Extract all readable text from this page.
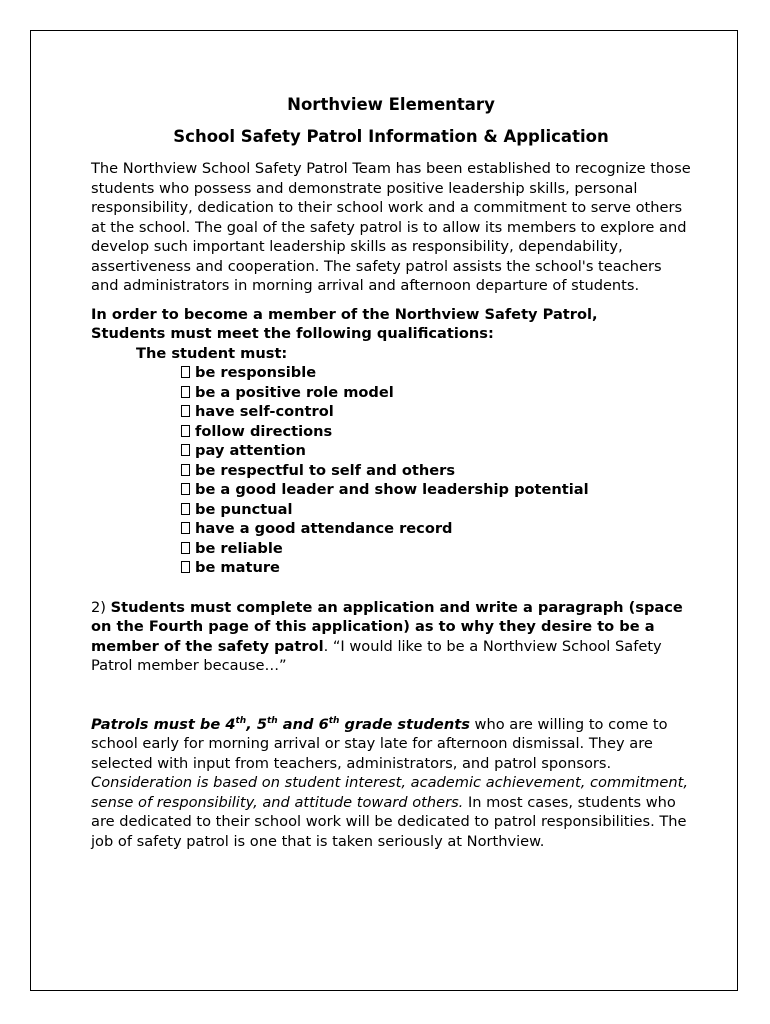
Northview Elementary
School Safety Patrol Information & Application

The Northview School Safety Patrol Team has been established to recognize those students who possess and demonstrate positive leadership skills, personal responsibility, dedication to their school work and a commitment to serve others at the school. The goal of the safety patrol is to allow its members to explore and develop such important leadership skills as responsibility, dependability, assertiveness and cooperation. The safety patrol assists the school's teachers and administrators in morning arrival and afternoon departure of students.

In order to become a member of the Northview Safety Patrol,
Students must meet the following qualifications:
The student must:
be responsible
be a positive role model
have self-control
follow directions
pay attention
be respectful to self and others
be a good leader and show leadership potential
be punctual
have a good attendance record
be reliable
be mature

2) Students must complete an application and write a paragraph (space on the Fourth page of this application) as to why they desire to be a member of the safety patrol. “I would like to be a Northview School Safety Patrol member because…”

Patrols must be 4th, 5th and 6th grade students who are willing to come to school early for morning arrival or stay late for afternoon dismissal. They are selected with input from teachers, administrators, and patrol sponsors. Consideration is based on student interest, academic achievement, commitment, sense of responsibility, and attitude toward others. In most cases, students who are dedicated to their school work will be dedicated to patrol responsibilities. The job of safety patrol is one that is taken seriously at Northview.
